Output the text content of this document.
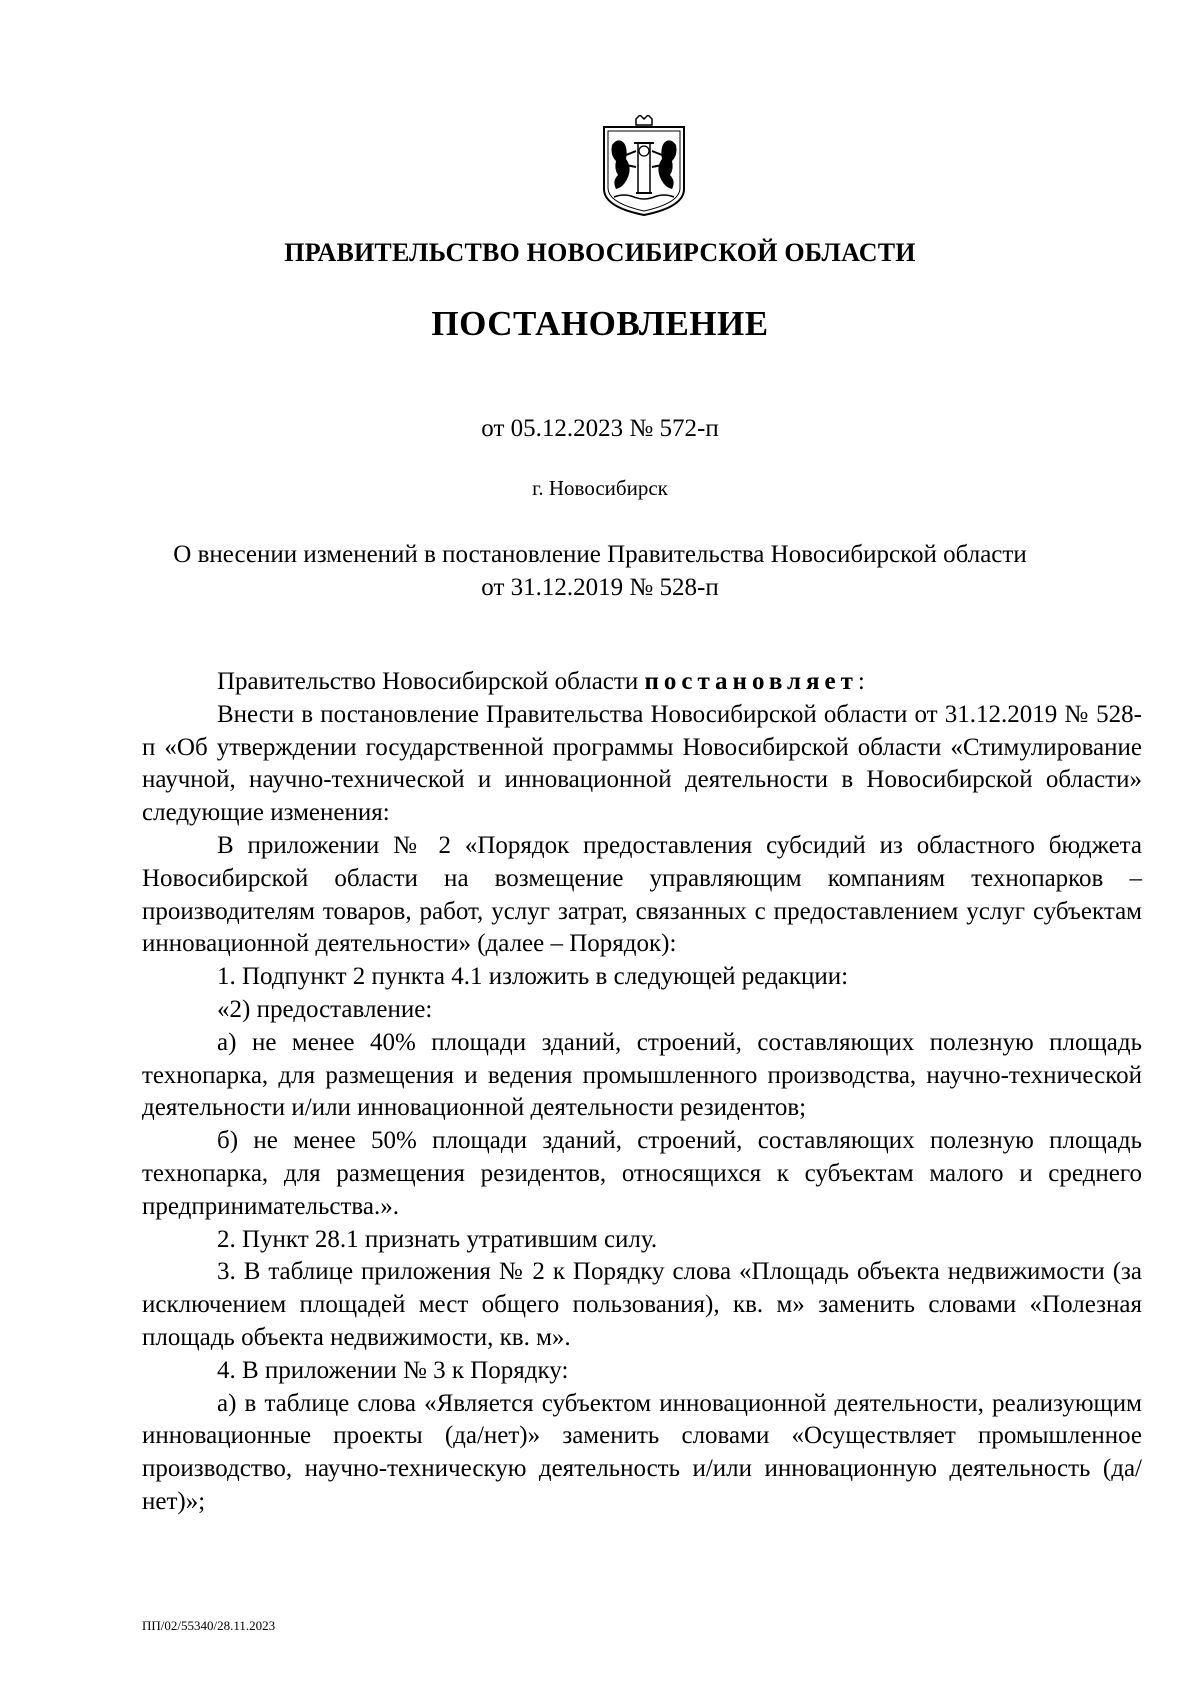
ПРАВИТЕЛЬСТВО НОВОСИБИРСКОЙ ОБЛАСТИ
ПОСТАНОВЛЕНИЕ
от 05.12.2023 № 572-п
г. Новосибирск
О внесении изменений в постановление Правительства Новосибирской области от 31.12.2019 № 528-п

Правительство Новосибирской области постановляет:

Внести в постановление Правительства Новосибирской области от 31.12.2019 № 528-п «Об утверждении государственной программы Новосибирской области «Стимулирование научной, научно-технической и инновационной деятельности в Новосибирской области» следующие изменения:

В приложении № 2 «Порядок предоставления субсидий из областного бюджета Новосибирской области на возмещение управляющим компаниям технопарков – производителям товаров, работ, услуг затрат, связанных с предоставлением услуг субъектам инновационной деятельности» (далее – Порядок):

1. Подпункт 2 пункта 4.1 изложить в следующей редакции:

«2) предоставление:

а) не менее 40% площади зданий, строений, составляющих полезную площадь технопарка, для размещения и ведения промышленного производства, научно-технической деятельности и/или инновационной деятельности резидентов;

б) не менее 50% площади зданий, строений, составляющих полезную площадь технопарка, для размещения резидентов, относящихся к субъектам малого и среднего предпринимательства.».

2. Пункт 28.1 признать утратившим силу.

3. В таблице приложения № 2 к Порядку слова «Площадь объекта недвижимости (за исключением площадей мест общего пользования), кв. м» заменить словами «Полезная площадь объекта недвижимости, кв. м».

4. В приложении № 3 к Порядку:

а) в таблице слова «Является субъектом инновационной деятельности, реализующим инновационные проекты (да/нет)» заменить словами «Осуществляет промышленное производство, научно-техническую деятельность и/или инновационную деятельность (да/нет)»;

ПП/02/55340/28.11.2023
